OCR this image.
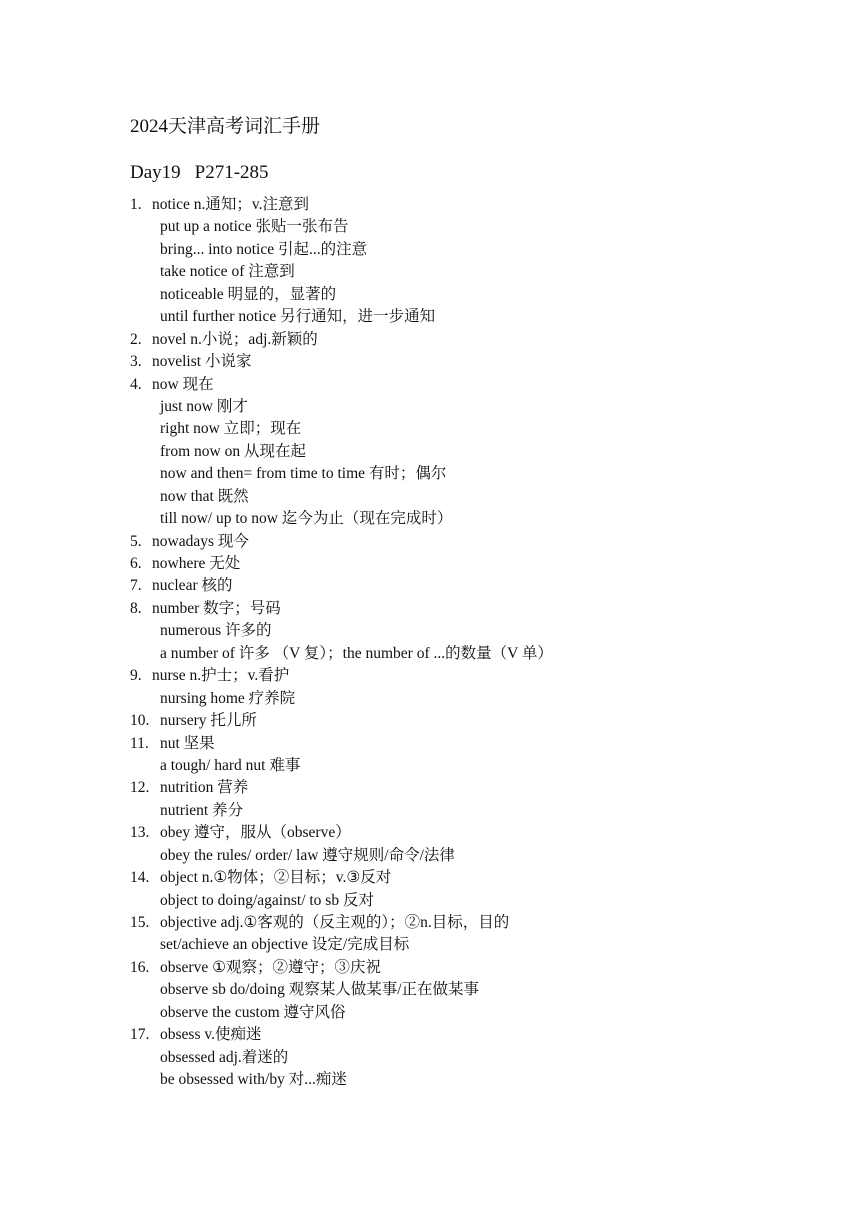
2024天津高考词汇手册
Day19 P271-285
1. notice n.通知；v.注意到
put up a notice 张贴一张布告
bring... into notice 引起...的注意
take notice of 注意到
noticeable 明显的，显著的
until further notice 另行通知，进一步通知
2. novel n.小说；adj.新颖的
3. novelist 小说家
4. now 现在
just now 刚才
right now 立即；现在
from now on 从现在起
now and then= from time to time 有时；偶尔
now that 既然
till now/ up to now 迄今为止（现在完成时）
5. nowadays 现今
6. nowhere 无处
7. nuclear 核的
8. number 数字；号码
numerous 许多的
a number of 许多 （V 复）；the number of ...的数量（V 单）
9. nurse n.护士；v.看护
nursing home 疗养院
10. nursery 托儿所
11. nut 坚果
a tough/ hard nut 难事
12. nutrition 营养
nutrient 养分
13. obey 遵守，服从（observe）
obey the rules/ order/ law 遵守规则/命令/法律
14. object n.①物体；②目标；v.③反对
object to doing/against/ to sb 反对
15. objective adj.①客观的（反主观的）；②n.目标，目的
set/achieve an objective 设定/完成目标
16. observe ①观察；②遵守；③庆祝
observe sb do/doing 观察某人做某事/正在做某事
observe the custom 遵守风俗
17. obsess v.使痴迷
obsessed adj.着迷的
be obsessed with/by 对...痴迷
